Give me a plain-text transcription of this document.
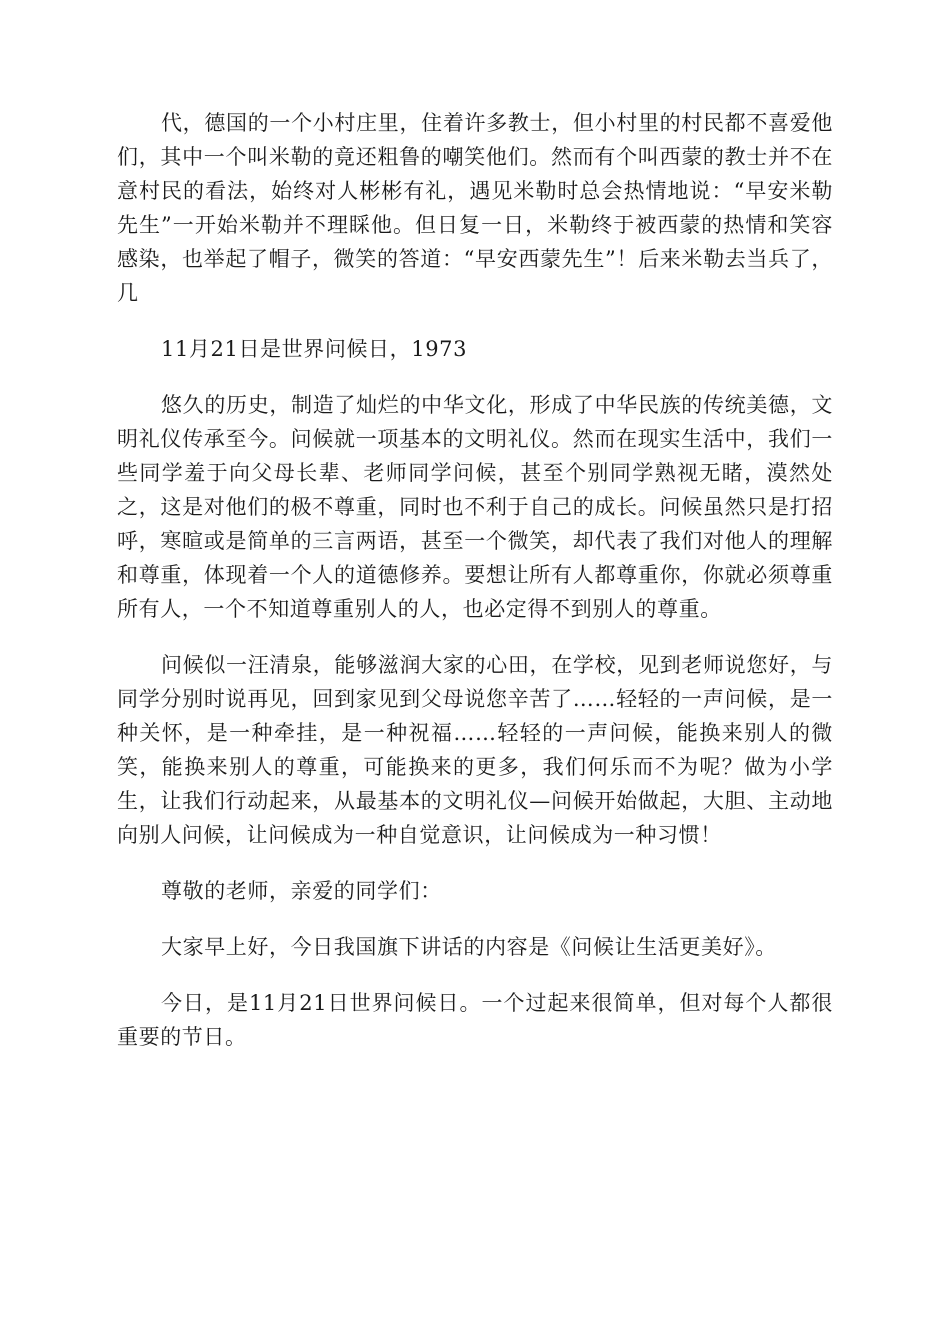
代，德国的一个小村庄里，住着许多教士，但小村里的村民都不喜爱他们，其中一个叫米勒的竟还粗鲁的嘲笑他们。然而有个叫西蒙的教士并不在意村民的看法，始终对人彬彬有礼，遇见米勒时总会热情地说：“早安米勒先生”一开始米勒并不理睬他。但日复一日，米勒终于被西蒙的热情和笑容感染，也举起了帽子，微笑的答道：“早安西蒙先生”！后来米勒去当兵了，几

11月21日是世界问候日，1973

悠久的历史，制造了灿烂的中华文化，形成了中华民族的传统美德，文明礼仪传承至今。问候就一项基本的文明礼仪。然而在现实生活中，我们一些同学羞于向父母长辈、老师同学问候，甚至个别同学熟视无睹，漠然处之，这是对他们的极不尊重，同时也不利于自己的成长。问候虽然只是打招呼，寒暄或是简单的三言两语，甚至一个微笑，却代表了我们对他人的理解和尊重，体现着一个人的道德修养。要想让所有人都尊重你，你就必须尊重所有人，一个不知道尊重别人的人，也必定得不到别人的尊重。

问候似一汪清泉，能够滋润大家的心田，在学校，见到老师说您好，与同学分别时说再见，回到家见到父母说您辛苦了……轻轻的一声问候，是一种关怀，是一种牵挂，是一种祝福……轻轻的一声问候，能换来别人的微笑，能换来别人的尊重，可能换来的更多，我们何乐而不为呢？做为小学生，让我们行动起来，从最基本的文明礼仪—问候开始做起，大胆、主动地向别人问候，让问候成为一种自觉意识，让问候成为一种习惯！

尊敬的老师，亲爱的同学们：

大家早上好，今日我国旗下讲话的内容是《问候让生活更美好》。

今日，是11月21日世界问候日。一个过起来很简单，但对每个人都很重要的节日。
